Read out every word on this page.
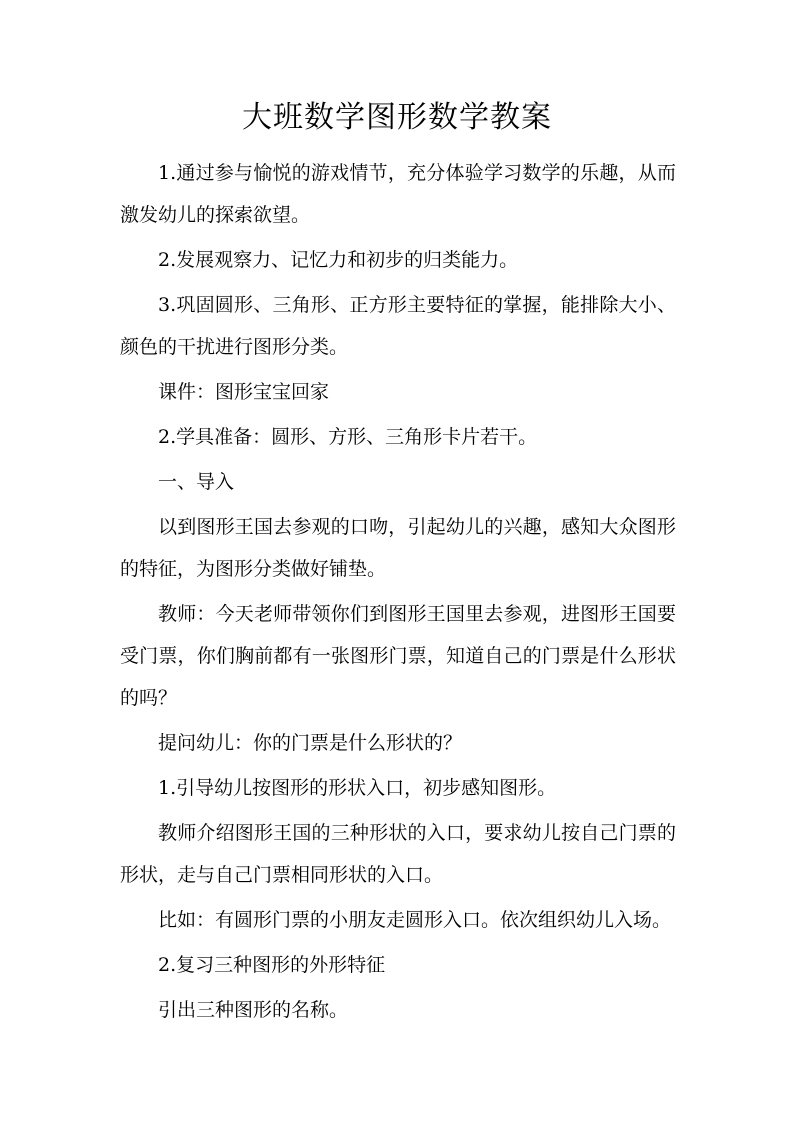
大班数学图形数学教案

1.通过参与愉悦的游戏情节，充分体验学习数学的乐趣，从而激发幼儿的探索欲望。

2.发展观察力、记忆力和初步的归类能力。

3.巩固圆形、三角形、正方形主要特征的掌握，能排除大小、颜色的干扰进行图形分类。

课件：图形宝宝回家

2.学具准备：圆形、方形、三角形卡片若干。

一、导入

以到图形王国去参观的口吻，引起幼儿的兴趣，感知大众图形的特征，为图形分类做好铺垫。

教师：今天老师带领你们到图形王国里去参观，进图形王国要受门票，你们胸前都有一张图形门票，知道自己的门票是什么形状的吗？

提问幼儿：你的门票是什么形状的？

1.引导幼儿按图形的形状入口，初步感知图形。

教师介绍图形王国的三种形状的入口，要求幼儿按自己门票的形状，走与自己门票相同形状的入口。

比如：有圆形门票的小朋友走圆形入口。依次组织幼儿入场。

2.复习三种图形的外形特征

引出三种图形的名称。
